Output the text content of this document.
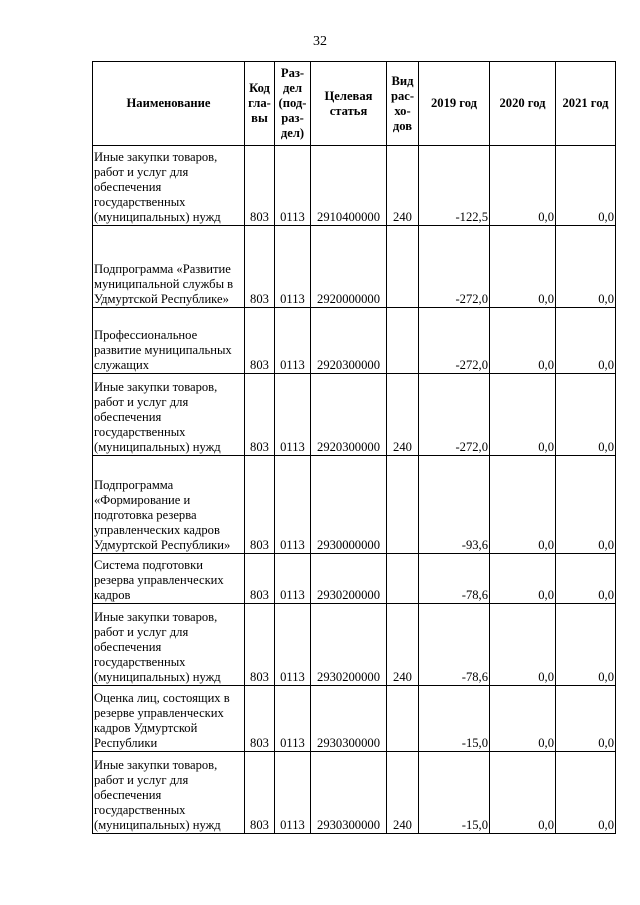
32
Наименование	Код гла- вы	Раз- дел (под- раз- дел)	Целевая статья	Вид рас- хо- дов	2019 год	2020 год	2021 год
Иные закупки товаров, работ и услуг для обеспечения государственных (муниципальных) нужд	803	0113	2910400000	240	-122,5	0,0	0,0
Подпрограмма «Развитие муниципальной службы в Удмуртской Республике»	803	0113	2920000000		-272,0	0,0	0,0
Профессиональное развитие муниципальных служащих	803	0113	2920300000		-272,0	0,0	0,0
Иные закупки товаров, работ и услуг для обеспечения государственных (муниципальных) нужд	803	0113	2920300000	240	-272,0	0,0	0,0
Подпрограмма «Формирование и подготовка резерва управленческих кадров Удмуртской Республики»	803	0113	2930000000		-93,6	0,0	0,0
Система подготовки резерва управленческих кадров	803	0113	2930200000		-78,6	0,0	0,0
Иные закупки товаров, работ и услуг для обеспечения государственных (муниципальных) нужд	803	0113	2930200000	240	-78,6	0,0	0,0
Оценка лиц, состоящих в резерве управленческих кадров Удмуртской Республики	803	0113	2930300000		-15,0	0,0	0,0
Иные закупки товаров, работ и услуг для обеспечения государственных (муниципальных) нужд	803	0113	2930300000	240	-15,0	0,0	0,0
